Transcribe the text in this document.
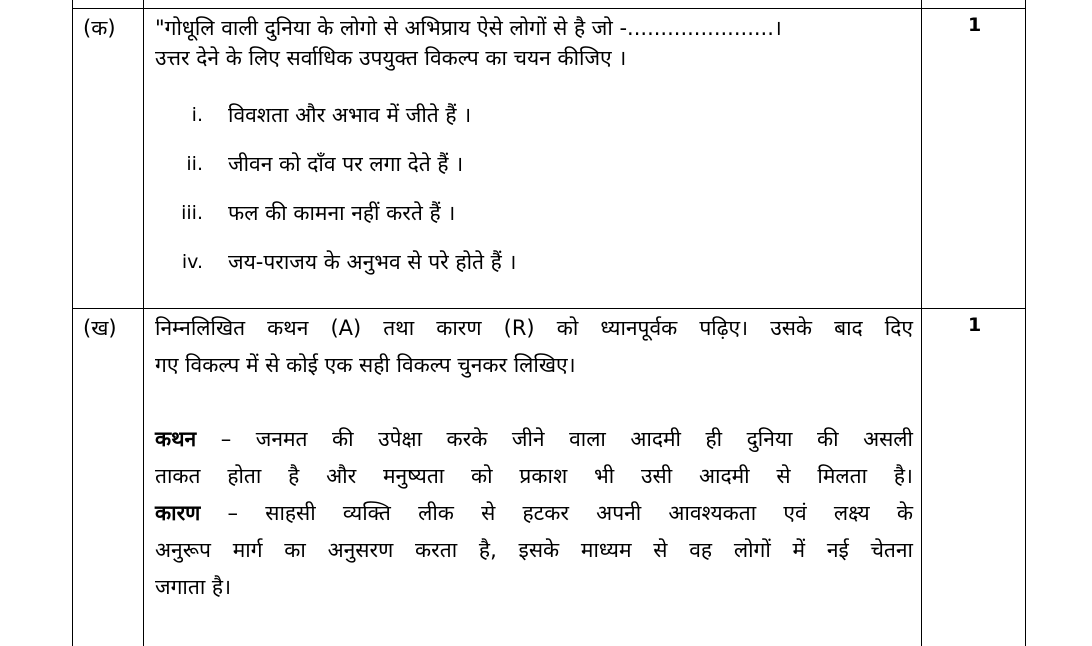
(क)	1

"गोधूलि वाली दुनिया के लोगो से अभिप्राय ऐसे लोगों से है जो -......................।

उत्तर देने के लिए सर्वाधिक उपयुक्त विकल्प का चयन कीजिए ।

i. विवशता और अभाव में जीते हैं ।
ii. जीवन को दाँव पर लगा देते हैं ।
iii. फल की कामना नहीं करते हैं ।
iv. जय-पराजय के अनुभव से परे होते हैं ।
(ख)	1

निम्नलिखित कथन (A) तथा कारण (R) को ध्यानपूर्वक पढ़िए। उसके बाद दिए

गए विकल्प में से कोई एक सही विकल्प चुनकर लिखिए।

कथन – जनमत की उपेक्षा करके जीने वाला आदमी ही दुनिया की असली

ताकत होता है और मनुष्यता को प्रकाश भी उसी आदमी से मिलता है।

कारण – साहसी व्यक्ति लीक से हटकर अपनी आवश्यकता एवं लक्ष्य के

अनुरूप मार्ग का अनुसरण करता है, इसके माध्यम से वह लोगों में नई चेतना

जगाता है।
